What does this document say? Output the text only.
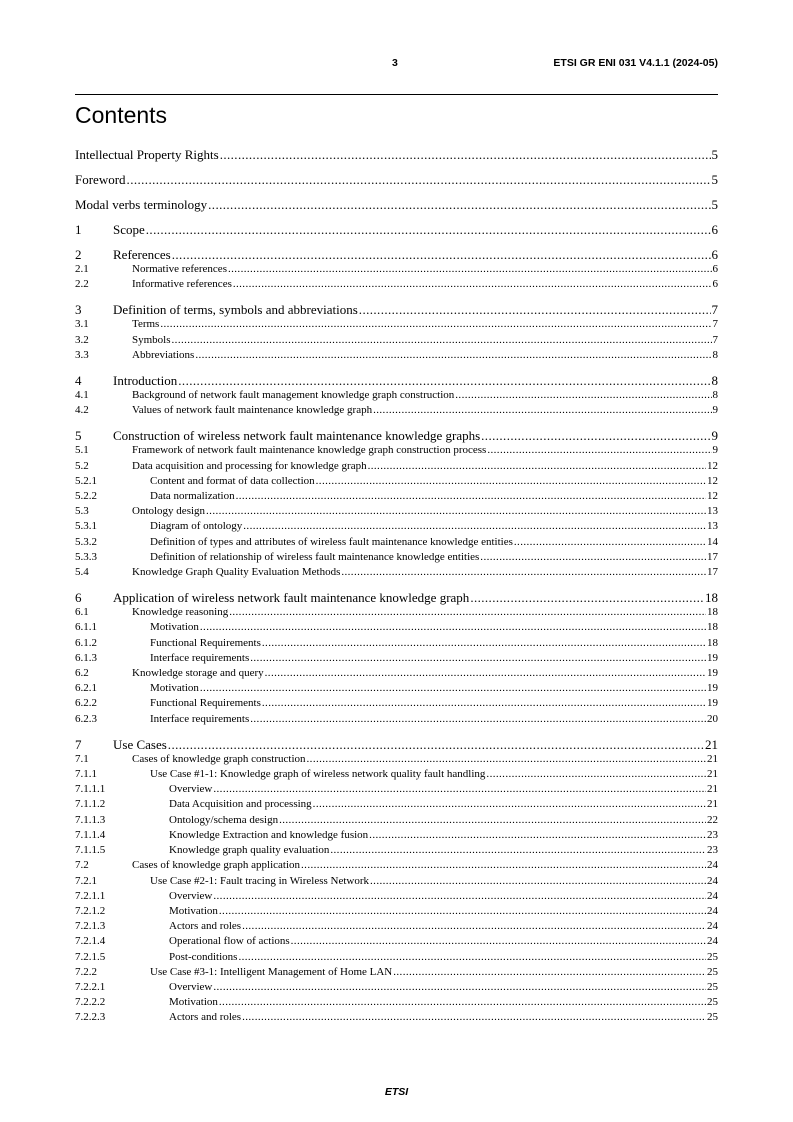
3	ETSI GR ENI 031 V4.1.1 (2024-05)
Contents
Intellectual Property Rights .....	5
Foreword .....	5
Modal verbs terminology .....	5
1	Scope .....	6
2	References .....	6
2.1	Normative references .....	6
2.2	Informative references .....	6
3	Definition of terms, symbols and abbreviations .....	7
3.1	Terms .....	7
3.2	Symbols .....	7
3.3	Abbreviations .....	8
4	Introduction .....	8
4.1	Background of network fault management knowledge graph construction .....	8
4.2	Values of network fault maintenance knowledge graph .....	9
5	Construction of wireless network fault maintenance knowledge graphs .....	9
5.1	Framework of network fault maintenance knowledge graph construction process .....	9
5.2	Data acquisition and processing for knowledge graph .....	12
5.2.1	Content and format of data collection .....	12
5.2.2	Data normalization .....	12
5.3	Ontology design .....	13
5.3.1	Diagram of ontology .....	13
5.3.2	Definition of types and attributes of wireless fault maintenance knowledge entities .....	14
5.3.3	Definition of relationship of wireless fault maintenance knowledge entities .....	17
5.4	Knowledge Graph Quality Evaluation Methods .....	17
6	Application of wireless network fault maintenance knowledge graph .....	18
6.1	Knowledge reasoning .....	18
6.1.1	Motivation .....	18
6.1.2	Functional Requirements .....	18
6.1.3	Interface requirements .....	19
6.2	Knowledge storage and query .....	19
6.2.1	Motivation .....	19
6.2.2	Functional Requirements .....	19
6.2.3	Interface requirements .....	20
7	Use Cases .....	21
7.1	Cases of knowledge graph construction .....	21
7.1.1	Use Case #1-1: Knowledge graph of wireless network quality fault handling .....	21
7.1.1.1	Overview .....	21
7.1.1.2	Data Acquisition and processing .....	21
7.1.1.3	Ontology/schema design .....	22
7.1.1.4	Knowledge Extraction and knowledge fusion .....	23
7.1.1.5	Knowledge graph quality evaluation .....	23
7.2	Cases of knowledge graph application .....	24
7.2.1	Use Case #2-1: Fault tracing in Wireless Network .....	24
7.2.1.1	Overview .....	24
7.2.1.2	Motivation .....	24
7.2.1.3	Actors and roles .....	24
7.2.1.4	Operational flow of actions .....	24
7.2.1.5	Post-conditions .....	25
7.2.2	Use Case #3-1: Intelligent Management of Home LAN .....	25
7.2.2.1	Overview .....	25
7.2.2.2	Motivation .....	25
7.2.2.3	Actors and roles .....	25
ETSI
